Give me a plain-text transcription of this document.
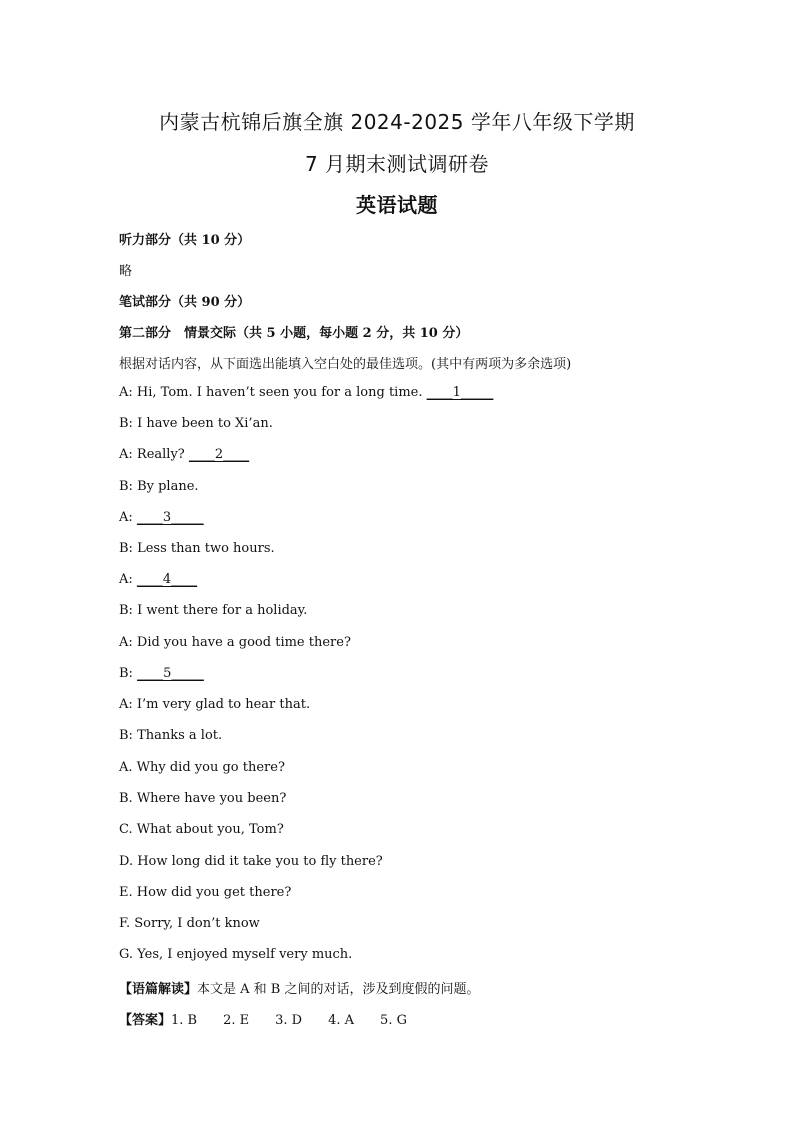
内蒙古杭锦后旗全旗 2024-2025 学年八年级下学期
7 月期末测试调研卷
英语试题
听力部分（共 10 分）
略
笔试部分（共 90 分）
第二部分　情景交际（共 5 小题，每小题 2 分，共 10 分）
根据对话内容，从下面选出能填入空白处的最佳选项。(其中有两项为多余选项)
A: Hi, Tom. I haven’t seen you for a long time. ____1_____
B: I have been to Xi’an.
A: Really? ____2____
B: By plane.
A: ____3_____
B: Less than two hours.
A: ____4____
B: I went there for a holiday.
A: Did you have a good time there?
B: ____5_____
A: I’m very glad to hear that.
B: Thanks a lot.
A. Why did you go there?
B. Where have you been?
C. What about you, Tom?
D. How long did it take you to fly there?
E. How did you get there?
F. Sorry, I don’t know
G. Yes, I enjoyed myself very much.
【语篇解读】本文是 A 和 B 之间的对话，涉及到度假的问题。
【答案】1. B 2. E 3. D 4. A 5. G
